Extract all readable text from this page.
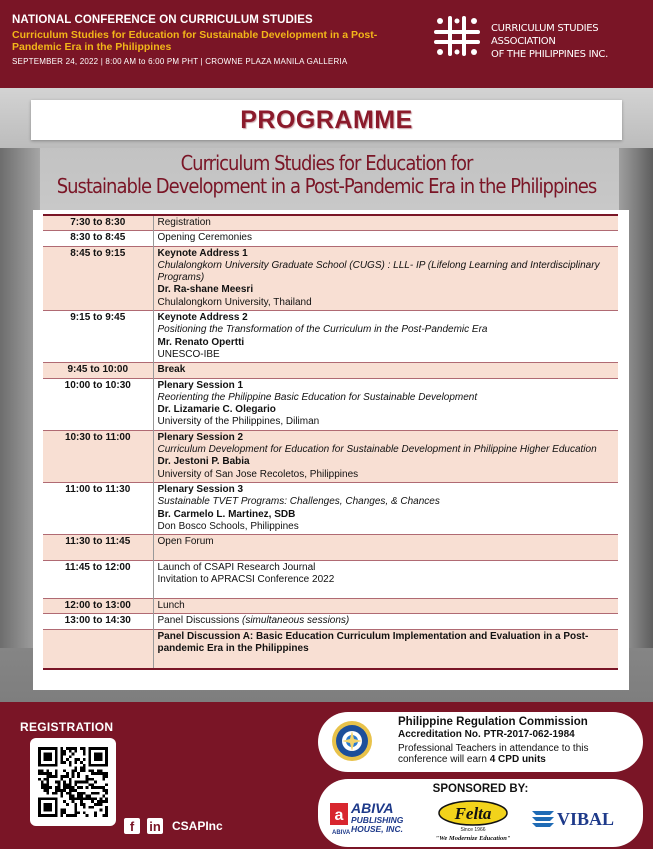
NATIONAL CONFERENCE ON CURRICULUM STUDIES
Curriculum Studies for Education for Sustainable Development in a Post-Pandemic Era in the Philippines
SEPTEMBER 24, 2022 | 8:00 AM to 6:00 PM PHT | CROWNE PLAZA MANILA GALLERIA
CURRICULUM STUDIES ASSOCIATION
OF THE PHILIPPINES INC.
PROGRAMME
Curriculum Studies for Education for
Sustainable Development in a Post-Pandemic Era in the Philippines
7:30 to 8:30	Registration

8:30 to 8:45	Opening Ceremonies

8:45 to 9:15	Keynote Address 1
Chulalongkorn University Graduate School (CUGS) : LLL- IP (Lifelong Learning and Interdisciplinary Programs)
Dr. Ra-shane Meesri
Chulalongkorn University, Thailand

9:15 to 9:45	Keynote Address 2
Positioning the Transformation of the Curriculum in the Post-Pandemic Era
Mr. Renato Opertti
UNESCO-IBE

9:45 to 10:00	Break

10:00 to 10:30	Plenary Session 1
Reorienting the Philippine Basic Education for Sustainable Development
Dr. Lizamarie C. Olegario
University of the Philippines, Diliman

10:30 to 11:00	Plenary Session 2
Curriculum Development for Education for Sustainable Development in Philippine Higher Education
Dr. Jestoni P. Babia
University of San Jose Recoletos, Philippines

11:00 to 11:30	Plenary Session 3
Sustainable TVET Programs: Challenges, Changes, & Chances
Br. Carmelo L. Martinez, SDB
Don Bosco Schools, Philippines

11:30 to 11:45	Open Forum

11:45 to 12:00	Launch of CSAPI Research Journal
Invitation to APRACSI Conference 2022

12:00 to 13:00	Lunch

13:00 to 14:30	Panel Discussions (simultaneous sessions)

	Panel Discussion A: Basic Education Curriculum Implementation and Evaluation in a Post-pandemic Era in the Philippines
REGISTRATION
f	in CSAPInc
Philippine Regulation Commission
Accreditation No. PTR-2017-062-1984
Professional Teachers in attendance to this conference will earn 4 CPD units
SPONSORED BY:
a
ABIVA
ABIVA
PUBLISHING
HOUSE, INC.
Felta
Since 1966
"We Modernize Education"
VIBAL
